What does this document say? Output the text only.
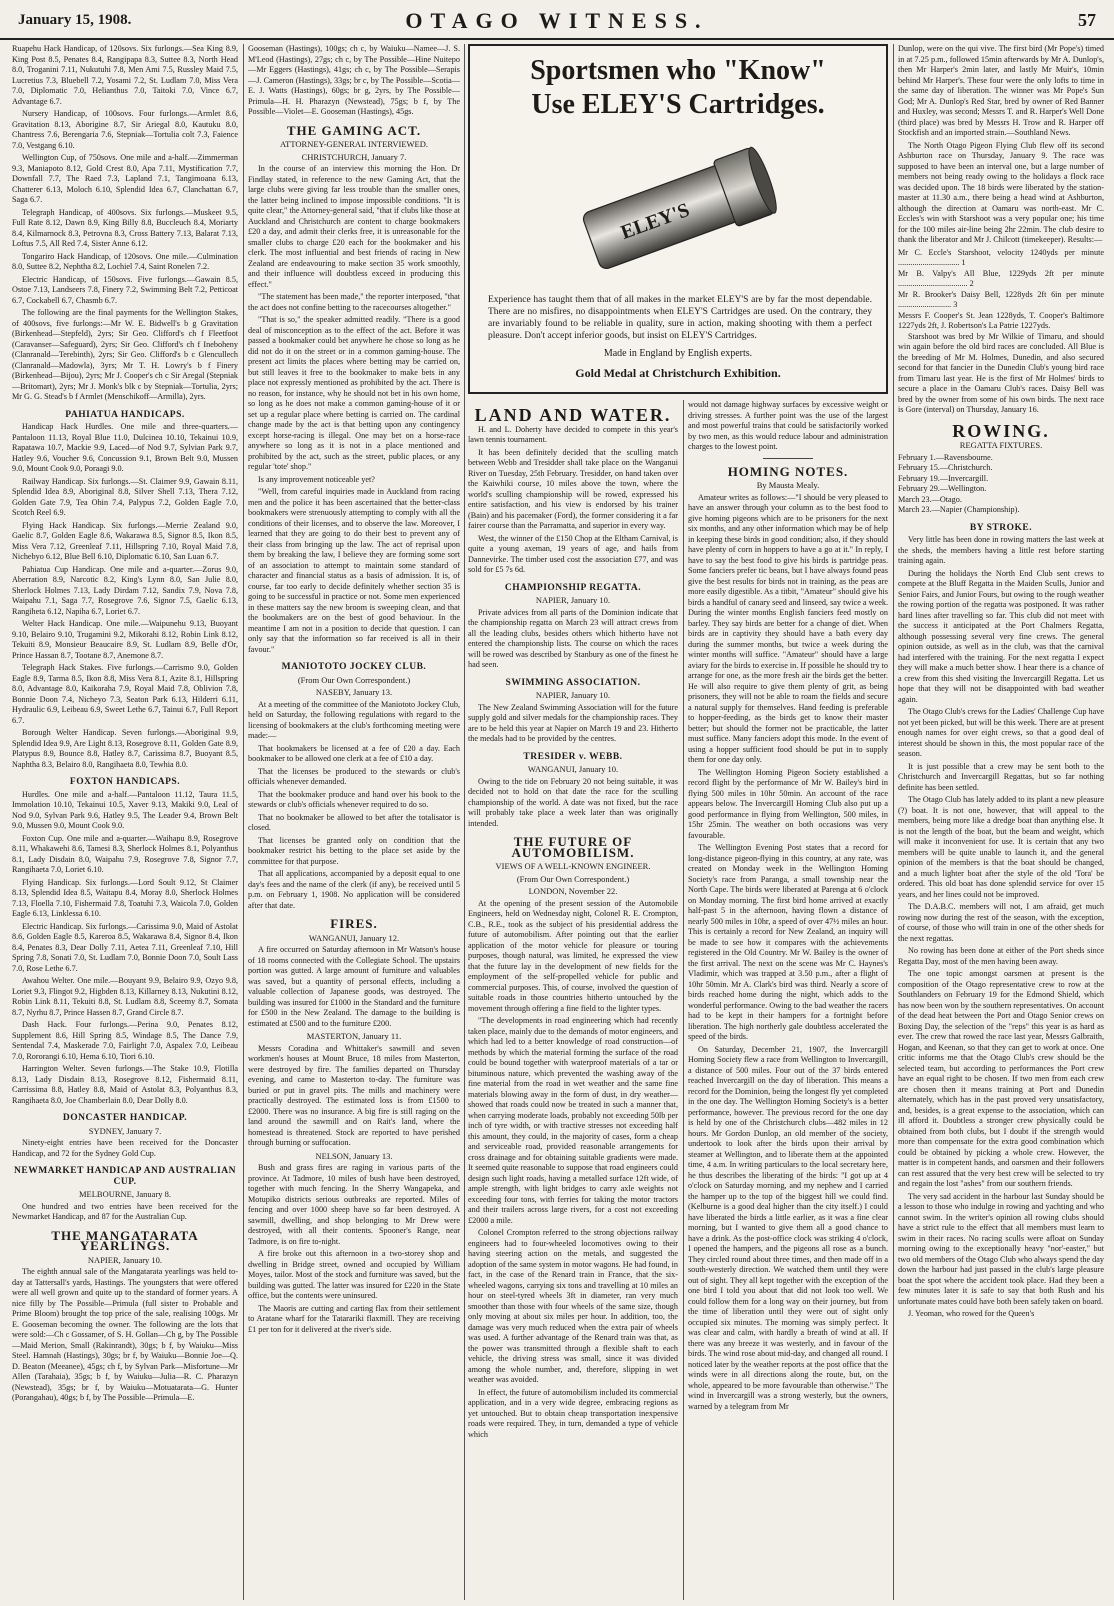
January 15, 1908.	OTAGO WITNESS.	57

Ruapehu Hack Handicap, of 120sovs. Six furlongs.—Sea King 8.9, King Post 8.5, Penates 8.4, Rangipapa 8.3, Suttee 8.3, North Head 8.0, Troganini 7.11, Nukutuhi 7.8, Men Ami 7.5, Russley Maid 7.5, Lucretius 7.3, Bluebell 7.2, Yosami 7.2, St. Ludlam 7.0, Miss Vera 7.0, Diplomatic 7.0, Helianthus 7.0, Taitoki 7.0, Vince 6.7, Advantage 6.7.

Nursery Handicap, of 100sovs. Four furlongs.—Armlet 8.6, Gravitation 8.13, Aborigine 8.7, Sir Ariegal 8.0, Kautuku 8.0, Chantress 7.6, Berengaria 7.6, Stepniak—Tortulia colt 7.3, Faience 7.0, Vestgang 6.10.

Wellington Cup, of 750sovs. One mile and a-half.—Zimmerman 9.3, Maniapoto 8.12, Gold Crest 8.0, Apa 7.11, Mystification 7.7, Downfall 7.7, The Raed 7.3, Lapland 7.1, Tangimoana 6.13, Chatterer 6.13, Moloch 6.10, Splendid Idea 6.7, Clanchattan 6.7, Saga 6.7.

Telegraph Handicap, of 400sovs. Six furlongs.—Muskeet 9.5, Full Rate 8.12, Dawn 8.9, King Billy 8.8, Buccleuch 8.4, Moriarty 8.4, Kilmarnock 8.3, Petrovna 8.3, Cross Battery 7.13, Balarat 7.13, Loftus 7.5, All Red 7.4, Sister Anne 6.12.

Tongariro Hack Handicap, of 120sovs. One mile.—Culmination 8.0, Suttee 8.2, Nephtha 8.2, Lochiel 7.4, Saint Ronelen 7.2.

Electric Handicap, of 150sovs. Five furlongs.—Gawain 8.5, Ostoe 7.13, Landseers 7.8, Finery 7.2, Swimming Belt 7.2, Petticoat 6.7, Cockabell 6.7, Chasmb 6.7.

The following are the final payments for the Wellington Stakes, of 400sovs, five furlongs:—Mr W. E. Bidwell's b g Gravitation (Birkenhead—Stepfeld), 2yrs; Sir Geo. Clifford's ch f Fleetfoot (Caravanser—Safeguard), 2yrs; Sir Geo. Clifford's ch f Ineboheny (Clanranald—Terebinth), 2yrs; Sir Geo. Clifford's b c Glencullech (Clanranald—Madowla), 3yrs; Mr T. H. Lowry's b f Finery (Birkenhead—Bijou), 2yrs; Mr J. Cooper's ch c Sir Aregal (Stepniak—Britomart), 2yrs; Mr J. Monk's blk c by Stepniak—Tortulia, 2yrs; Mr G. G. Stead's b f Armlet (Menschikoff—Armilla), 2yrs.

PAHIATUA HANDICAPS.

Handicap Hack Hurdles. One mile and three-quarters.—Pantaloon 11.13, Royal Blue 11.0, Dulcinea 10.10, Tekainui 10.9, Rapatawa 10.7, Mackie 9.9, Laced—of Nod 9.7, Sylvian Park 9.7, Hatley 9.6, Voucher 9.6, Concussion 9.1, Brown Belt 9.0, Mussen 9.0, Mount Cook 9.0, Poraagi 9.0.

Railway Handicap. Six furlongs.—St. Claimer 9.9, Gawain 8.11, Splendid Idea 8.9, Aboriginal 8.8, Silver Shell 7.13, Thera 7.12, Golden Gate 7.9, Tea Ohin 7.4, Palypus 7.2, Golden Eagle 7.0, Scotch Reel 6.9.

Flying Hack Handicap. Six furlongs.—Merrie Zealand 9.0, Gaelic 8.7, Golden Eagle 8.6, Wakarawa 8.5, Signor 8.5, Ikon 8.5, Miss Vera 7.12, Greenleaf 7.11, Hillspring 7.10, Royal Maid 7.8, Nichebyo 6.12, Blue Bell 6.10, Diplomatic 6.10, San Luan 6.7.

Pahiatua Cup Handicap. One mile and a-quarter.—Zorus 9.0, Aberration 8.9, Narcotic 8.2, King's Lynn 8.0, San Julie 8.0, Sherlock Holmes 7.13, Lady Dirdam 7.12, Sandix 7.9, Nova 7.8, Waipahu 7.1, Saga 7.7, Rosegrove 7.6, Signor 7.5, Gaelic 6.13, Rangiheta 6.12, Napiha 6.7, Loriet 6.7.

Welter Hack Handicap. One mile.—Waipunehu 9.13, Buoyant 9.10, Belairo 9.10, Trugamini 9.2, Mikorahi 8.12, Robin Link 8.12, Tekuiti 8.9, Monsieur Beaucaire 8.9, St. Ludlam 8.9, Belle d'Or, Prince Hassan 8.7, Tootane 8.7, Anemone 8.7.

Telegraph Hack Stakes. Five furlongs.—Carrismo 9.0, Golden Eagle 8.9, Tarma 8.5, Ikon 8.8, Miss Vera 8.1, Azite 8.1, Hillspring 8.0, Advantage 8.0, Kaikoraha 7.9, Royal Maid 7.8, Oblivion 7.8, Bonnie Doon 7.4, Nicheyo 7.3, Seaton Park 6.13, Hilderri 6.11, Hydraulic 6.9, Leibeau 6.9, Sweet Lethe 6.7, Tainui 6.7, Full Report 6.7.

Borough Welter Handicap. Seven furlongs.—Aboriginal 9.9, Splendid Idea 9.9, Are Light 8.13, Rosegrove 8.11, Golden Gate 8.9, Platypus 8.9, Bounce 8.8, Hatley 8.7, Carissima 8.7, Buoyant 8.5, Naphtha 8.3, Belairo 8.0, Rangihaeta 8.0, Tewhia 8.0.

FOXTON HANDICAPS.

Hurdles. One mile and a-half.—Pantaloon 11.12, Taura 11.5, Immolation 10.10, Tekainui 10.5, Xaver 9.13, Makiki 9.0, Leal of Nod 9.0, Sylvan Park 9.6, Hatley 9.5, The Leader 9.4, Brown Belt 9.0, Mussen 9.0, Mount Cook 9.0.

Foxton Cup. One mile and a-quarter.—Waihapu 8.9, Rosegrove 8.11, Whakawehi 8.6, Tamesi 8.3, Sherlock Holmes 8.1, Polyanthus 8.1, Lady Disdain 8.0, Waipahu 7.9, Rosegrove 7.8, Signor 7.7, Rangihaeta 7.0, Loriet 6.10.

Flying Handicap. Six furlongs.—Lord Soult 9.12, St Claimer 8.13, Splendid Idea 8.5, Waitapu 8.4, Moray 8.0, Sherlock Holmes 7.13, Floella 7.10, Fishermaid 7.8, Toatuhi 7.3, Waicola 7.0, Golden Eagle 6.13, Linklessa 6.10.

Electric Handicap. Six furlongs.—Carissima 9.0, Maid of Astolat 8.6, Golden Eagle 8.5, Kareroa 8.5, Wakarawa 8.4, Signor 8.4, Ikon 8.4, Penates 8.3, Dear Dolly 7.11, Aetea 7.11, Greenleaf 7.10, Hill Spring 7.8, Sonati 7.0, St. Ludlam 7.0, Bonnie Doon 7.0, Soult Lass 7.0, Rose Lethe 6.7.

Awahou Welter. One mile.—Bouyant 9.9, Belairo 9.9, Ozyo 9.8, Loriet 9.3, Flingot 9.2, Higbden 8.13, Killarney 8.13, Nukutini 8.12, Robin Link 8.11, Tekuiti 8.8, St. Ludlam 8.8, Sceemy 8.7, Somata 8.7, Nyrhu 8.7, Prince Hassen 8.7, Grand Circle 8.7.

Dash Hack. Four furlongs.—Perina 9.0, Penates 8.12, Supplement 8.6, Hill Spring 8.5, Windage 8.5, The Dance 7.9, Sentendal 7.4, Maskerade 7.0, Fairlight 7.0, Aspalex 7.0, Leibeau 7.0, Rororangi 6.10, Hema 6.10, Tiori 6.10.

Harrington Welter. Seven furlongs.—The Stake 10.9, Flotilla 8.13, Lady Disdain 8.13, Rosegrove 8.12, Fishermaid 8.11, Carrissima 8.8, Hatley 8.8, Maid of Astolat 8.3, Polyanthus 8.3, Rangihaeta 8.0, Joe Chamberlain 8.0, Dear Dolly 8.0.

DONCASTER HANDICAP.
SYDNEY, January 7.

Ninety-eight entries have been received for the Doncaster Handicap, and 72 for the Sydney Gold Cup.

NEWMARKET HANDICAP AND AUSTRALIAN CUP.
MELBOURNE, January 8.

One hundred and two entries have been received for the Newmarket Handicap, and 87 for the Australian Cup.

THE MANGATARATA YEARLINGS.
NAPIER, January 10.

The eighth annual sale of the Mangatarata yearlings was held to-day at Tattersall's yards, Hastings. The youngsters that were offered were all well grown and quite up to the standard of former years. A nice filly by The Possible—Primula (full sister to Probable and Prime Bloom) brought the top price of the sale, realising 100gs. Mr E. Gooseman becoming the owner. The following are the lots that were sold:—Ch c Gossamer, of S. H. Gollan—Ch g, by The Possible—Maid Merion, Small (Rakinrandt), 30gs; b f, by Waiuku—Miss Steel. Hamnah (Hastings), 30gs; br f, by Waiuku—Bonnie Joe—Q. D. Beaton (Meeanee), 45gs; ch f, by Sylvan Park—Misfortune—Mr Allen (Tarahaia), 35gs; b f, by Waiuku—Julia—R. C. Pharazyn (Newstead), 35gs; br f, by Waiuku—Motuatarata—G. Hunter (Porangahau), 40gs; b f, by The Possible—Primula—E.

Gooseman (Hastings), 100gs; ch c, by Waiuku—Namee—J. S. M'Leod (Hastings), 27gs; ch c, by The Possible—Hine Nuitepo—Mr Eggers (Hastings), 41gs; ch c, by The Possible—Serapis—J. Cameron (Hastings), 33gs; br c, by The Possible—Scotia—E. J. Watts (Hastings), 60gs; br g, 2yrs, by The Possible—Primula—H. H. Pharazyn (Newstead), 75gs; b f, by The Possible—Violet—E. Gooseman (Hastings), 45gs.

THE GAMING ACT.
ATTORNEY-GENERAL INTERVIEWED.
CHRISTCHURCH, January 7.

In the course of an interview this morning the Hon. Dr Findlay stated, in reference to the new Gaming Act, that the large clubs were giving far less trouble than the smaller ones, the latter being inclined to impose impossible conditions. "It is quite clear," the Attorney-general said, "that if clubs like those at Auckland and Christchurch are content to charge bookmakers £20 a day, and admit their clerks free, it is unreasonable for the smaller clubs to charge £20 each for the bookmaker and his clerk. The most influential and best friends of racing in New Zealand are endeavouring to make section 35 work smoothly, and their influence will doubtless exceed in producing this effect."

"The statement has been made," the reporter interposed, "that the act does not confine betting to the racecourses altogether."

"That is so," the speaker admitted readily. "There is a good deal of misconception as to the effect of the act. Before it was passed a bookmaker could bet anywhere he chose so long as he did not do it on the street or in a common gaming-house. The present act limits the places where betting may be carried on, but still leaves it free to the bookmaker to make bets in any place not expressly mentioned as prohibited by the act. There is no reason, for instance, why he should not bet in his own home, so long as he does not make a common gaming-house of it or set up a regular place where betting is carried on. The cardinal change made by the act is that betting upon any contingency except horse-racing is illegal. One may bet on a horse-race anywhere so long as it is not in a place mentioned and prohibited by the act, such as the street, public places, or any regular 'tote' shop."

Is any improvement noticeable yet?

"Well, from careful inquiries made in Auckland from racing men and the police it has been ascertained that the better-class bookmakers were strenuously attempting to comply with all the conditions of their licenses, and to observe the law. Moreover, I learned that they are going to do their best to prevent any of their class from bringing up the law. The act of reprisal upon them by breaking the law, I believe they are forming some sort of an association to attempt to maintain some standard of character and financial status as a basis of admission. It is, of course, far too early to decide definitely whether section 35 is going to be successful in practice or not. Some men experienced in these matters say the new broom is sweeping clean, and that the bookmakers are on the best of good behaviour. In the meantime I am not in a position to decide that question. I can only say that the information so far received is all in their favour."

MANIOTOTO JOCKEY CLUB.
(From Our Own Correspondent.)
NASEBY, January 13.

At a meeting of the committee of the Maniototo Jockey Club, held on Saturday, the following regulations with regard to the licensing of bookmakers at the club's forthcoming meeting were made:—

That bookmakers be licensed at a fee of £20 a day. Each bookmaker to be allowed one clerk at a fee of £10 a day.

That the licenses be produced to the stewards or club's officials whenever demanded.

That the bookmaker produce and hand over his book to the stewards or club's officials whenever required to do so.

That no bookmaker be allowed to bet after the totalisator is closed.

That licenses be granted only on condition that the bookmaker restrict his betting to the place set aside by the committee for that purpose.

That all applications, accompanied by a deposit equal to one day's fees and the name of the clerk (if any), be received until 5 p.m. on February 1, 1908. No application will be considered after that date.

FIRES.
WANGANUI, January 12.

A fire occurred on Saturday afternoon in Mr Watson's house of 18 rooms connected with the Collegiate School. The upstairs portion was gutted. A large amount of furniture and valuables was saved, but a quantity of personal effects, including a valuable collection of Japanese goods, was destroyed. The building was insured for £1000 in the Standard and the furniture for £500 in the New Zealand. The damage to the building is estimated at £500 and to the furniture £200.

MASTERTON, January 11.

Messrs Coradina and Whittaker's sawmill and seven workmen's houses at Mount Bruce, 18 miles from Masterton, were destroyed by fire. The families departed on Thursday evening, and came to Masterton to-day. The furniture was buried or put in gravel pits. The mills and machinery were practically destroyed. The estimated loss is from £1500 to £2000. There was no insurance. A big fire is still raging on the land around the sawmill and on Rait's land, where the homestead is threatened. Stock are reported to have perished through burning or suffocation.

NELSON, January 13.

Bush and grass fires are raging in various parts of the province. At Tadmore, 10 miles of bush have been destroyed, together with much fencing. In the Sherry Wangapeka, and Motupiko districts serious outbreaks are reported. Miles of fencing and over 1000 sheep have so far been destroyed. A sawmill, dwelling, and shop belonging to Mr Drew were destroyed, with all their contents. Spooner's Range, near Tadmore, is on fire to-night.

A fire broke out this afternoon in a two-storey shop and dwelling in Bridge street, owned and occupied by William Moyes, tailor. Most of the stock and furniture was saved, but the building was gutted. The latter was insured for £220 in the State office, but the contents were uninsured.

The Maoris are cutting and carting flax from their settlement to Aratane wharf for the Tatarariki flaxmill. They are receiving £1 per ton for it delivered at the river's side.

Sportsmen who "Know"
Use ELEY'S Cartridges.
ELEY'S

Experience has taught them that of all makes in the market ELEY'S are by far the most dependable. There are no misfires, no disappointments when ELEY'S Cartridges are used. On the contrary, they are invariably found to be reliable in quality, sure in action, making shooting with them a perfect pleasure. Don't accept inferior goods, but insist on ELEY'S Cartridges.

Made in England by English experts.
Gold Medal at Christchurch Exhibition.
LAND AND WATER.

H. and L. Doherty have decided to compete in this year's lawn tennis tournament.

It has been definitely decided that the sculling match between Webb and Tresidder shall take place on the Wanganui River on Tuesday, 25th February. Tresidder, on hand taken over the Kaiwhiki course, 10 miles above the town, where the world's sculling championship will be rowed, expressed his entire satisfaction, and his view is endorsed by his trainer (Bain) and his pacemaker (Ford), the former considering it a far fairer course than the Parramatta, and superior in every way.

West, the winner of the £150 Chop at the Eltham Carnival, is quite a young axeman, 19 years of age, and hails from Dannevirke. The timber used cost the association £77, and was sold for £5 7s 6d.

CHAMPIONSHIP REGATTA.
NAPIER, January 10.

Private advices from all parts of the Dominion indicate that the championship regatta on March 23 will attract crews from all the leading clubs, besides others which hitherto have not entered the championship lists. The course on which the races will be rowed was described by Stanbury as one of the finest he had seen.

SWIMMING ASSOCIATION.
NAPIER, January 10.

The New Zealand Swimming Association will for the future supply gold and silver medals for the championship races. They are to be held this year at Napier on March 19 and 23. Hitherto the medals had to be provided by the centres.

TRESIDER v. WEBB.
WANGANUI, January 10.

Owing to the tide on February 20 not being suitable, it was decided not to hold on that date the race for the sculling championship of the world. A date was not fixed, but the race will probably take place a week later than was originally intended.

THE FUTURE OF AUTOMOBILISM.
VIEWS OF A WELL-KNOWN ENGINEER.
(From Our Own Correspondent.)
LONDON, November 22.

At the opening of the present session of the Automobile Engineers, held on Wednesday night, Colonel R. E. Crompton, C.B., R.E., took as the subject of his presidential address the future of automobilism. After pointing out that the earlier application of the motor vehicle for pleasure or touring purposes, though natural, was limited, he expressed the view that the future lay in the development of new fields for the employment of the self-propelled vehicle for public and commercial purposes. This, of course, involved the question of suitable roads in those countries hitherto untouched by the movement through offering a fine field to the lighter types.

"The developments in road engineering which had recently taken place, mainly due to the demands of motor engineers, and which had led to a better knowledge of road construction—of methods by which the material forming the surface of the road could be bound together with waterproof materials of a tar or bituminous nature, which prevented the washing away of the fine material from the road in wet weather and the same fine materials blowing away in the form of dust, in dry weather—showed that roads could now be treated in such a manner that, when carrying moderate loads, probably not exceeding 50lb per inch of tyre width, or with tractive stresses not exceeding half this amount, they could, in the majority of cases, form a cheap and serviceable road, provided reasonable arrangements for cross drainage and for obtaining suitable gradients were made. It seemed quite reasonable to suppose that road engineers could design such light roads, having a metalled surface 12ft wide, of ample strength, with light bridges to carry axle weights not exceeding four tons, with ferries for taking the motor tractors and their trailers across large rivers, for a cost not exceeding £2000 a mile.

Colonel Crompton referred to the strong objections railway engineers had to four-wheeled locomotives owing to their having steering action on the metals, and suggested the adoption of the same system in motor wagons. He had found, in fact, in the case of the Renard train in France, that the six-wheeled wagons, carrying six tons and travelling at 10 miles an hour on steel-tyred wheels 3ft in diameter, ran very much smoother than those with four wheels of the same size, though only moving at about six miles per hour. In addition, too, the damage was very much reduced when the extra pair of wheels was used. A further advantage of the Renard train was that, as the power was transmitted through a flexible shaft to each vehicle, the driving stress was small, since it was divided among the whole number, and, therefore, slipping in wet weather was avoided.

In effect, the future of automobilism included its commercial application, and in a very wide degree, embracing regions as yet untouched. But to obtain cheap transportation inexpensive roads were required. They, in turn, demanded a type of vehicle which

would not damage highway surfaces by excessive weight or driving stresses. A further point was the use of the largest and most powerful trains that could be satisfactorily worked by two men, as this would reduce labour and administration charges to the lowest point.

HOMING NOTES.
By Mausta Mealy.

Amateur writes as follows:—"I should be very pleased to have an answer through your column as to the best food to give homing pigeons which are to be prisoners for the next six months, and any other information which may be of help in keeping these birds in good condition; also, if they should have plenty of corn in hoppers to have a go at it." In reply, I have to say the best food to give his birds is partridge peas. Some fanciers prefer tic beans, but I have always found peas give the best results for birds not in training, as the peas are more easily digestible. As a titbit, "Amateur" should give his birds a handful of canary seed and linseed, say twice a week. During the winter months English fanciers feed mostly on barley. They say birds are better for a change of diet. When birds are in captivity they should have a bath every day during the summer months, but twice a week during the winter months will suffice. "Amateur" should have a large aviary for the birds to exercise in. If possible he should try to arrange for one, as the more fresh air the birds get the better. He will also require to give them plenty of grit, as being prisoners, they will not be able to roam the fields and secure a natural supply for themselves. Hand feeding is preferable to hopper-feeding, as the birds get to know their master better; but should the former not be practicable, the latter must suffice. Many fanciers adopt this mode. In the event of using a hopper sufficient food should be put in to supply them for one day only.

The Wellington Homing Pigeon Society established a record flight by the performance of Mr W. Bailey's bird in flying 500 miles in 10hr 50min. An account of the race appears below. The Invercargill Homing Club also put up a good performance in flying from Wellington, 500 miles, in 15hr 25min. The weather on both occasions was very favourable.

The Wellington Evening Post states that a record for long-distance pigeon-flying in this country, at any rate, was created on Monday week in the Wellington Homing Society's race from Paranga, a small township near the North Cape. The birds were liberated at Parenga at 6 o'clock on Monday morning. The first bird home arrived at exactly half-past 5 in the afternoon, having flown a distance of nearly 500 miles in 10hr, a speed of over 47½ miles an hour. This is certainly a record for New Zealand, an inquiry will be made to see how it compares with the achievements registered in the Old Country. Mr W. Bailey is the owner of the first arrival. The next on the scene was Mr C. Haynes's Vladimir, which was trapped at 3.50 p.m., after a flight of 10hr 50min. Mr A. Clark's bird was third. Nearly a score of birds reached home during the night, which adds to the wonderful performance. Owing to the bad weather the racers had to be kept in their hampers for a fortnight before liberation. The high northerly gale doubtless accelerated the speed of the birds.

On Saturday, December 21, 1907, the Invercargill Homing Society flew a race from Wellington to Invercargill, a distance of 500 miles. Four out of the 37 birds entered reached Invercargill on the day of liberation. This means a record for the Dominion, being the longest fly yet completed in the one day. The Wellington Homing Society's is a better performance, however. The previous record for the one day is held by one of the Christchurch clubs—482 miles in 12 hours. Mr Gordon Dunlop, an old member of the society, undertook to look after the birds upon their arrival by steamer at Wellington, and to liberate them at the appointed time, 4 a.m. In writing particulars to the local secretary here, he thus describes the liberating of the birds: "I got up at 4 o'clock on Saturday morning, and my nephew and I carried the hamper up to the top of the biggest hill we could find. (Kelburne is a good deal higher than the city itself.) I could have liberated the birds a little earlier, as it was a fine clear morning, but I wanted to give them all a good chance to have a drink. As the post-office clock was striking 4 o'clock, I opened the hampers, and the pigeons all rose as a bunch. They circled round about three times, and then made off in a south-westerly direction. We watched them until they were out of sight. They all kept together with the exception of the one bird I told you about that did not look too well. We could follow them for a long way on their journey, but from the time of liberation until they were out of sight only occupied six minutes. The morning was simply perfect. It was clear and calm, with hardly a breath of wind at all. If there was any breeze it was westerly, and in favour of the birds. The wind rose about mid-day, and changed all round. I noticed later by the weather reports at the post office that the winds were in all directions along the route, but, on the whole, appeared to be more favourable than otherwise." The wind in Invercargill was a strong westerly, but the owners, warned by a telegram from Mr

Dunlop, were on the qui vive. The first bird (Mr Pope's) timed in at 7.25 p.m., followed 15min afterwards by Mr A. Dunlop's, then Mr Harper's 2min later, and lastly Mr Muir's, 10min behind Mr Harper's. These four were the only lofts to time in the same day of liberation. The winner was Mr Pope's Sun God; Mr A. Dunlop's Red Star, bred by owner of Red Banner and Huxley, was second; Messrs T. and R. Harper's Well Done (third place) was bred by Messrs H. Trow and R. Harper off Stockfish and an imported strain.—Southland News.

The North Otago Pigeon Flying Club flew off its second Ashburton race on Thursday, January 9. The race was supposed to have been an interval one, but a large number of members not being ready owing to the holidays a flock race was decided upon. The 18 birds were liberated by the station-master at 11.30 a.m., there being a head wind at Ashburton, although the direction at Oamaru was north-east. Mr C. Eccles's win with Starshoot was a very popular one; his time for the 100 miles air-line being 2hr 22min. The club desire to thank the liberator and Mr J. Chilcott (timekeeper). Results:—

Mr C. Eccle's Starshoot, velocity 1240yds per minute .............................. 1

Mr B. Valpy's All Blue, 1229yds 2ft per minute .................................. 2

Mr R. Brooker's Daisy Bell, 1228yds 2ft 6in per minute .......................... 3

Messrs F. Cooper's St. Jean 1228yds, T. Cooper's Baltimore 1227yds 2ft, J. Robertson's La Patrie 1227yds.

Starshoot was bred by Mr Wilkie of Timaru, and should win again before the old bird races are concluded. All Blue is the breeding of Mr M. Holmes, Dunedin, and also secured second for that fancier in the Dunedin Club's young bird race from Timaru last year. He is the first of Mr Holmes' birds to secure a place in the Oamaru Club's races. Daisy Bell was bred by the owner from some of his own birds. The next race is Gore (interval) on Thursday, January 16.

ROWING.
REGATTA FIXTURES.

February 1.—Ravensbourne.

February 15.—Christchurch.

February 19.—Invercargill.

February 29.—Wellington.

March 23.—Otago.

March 23.—Napier (Championship).

BY STROKE.

Very little has been done in rowing matters the last week at the sheds, the members having a little rest before starting training again.

During the holidays the North End Club sent crews to compete at the Bluff Regatta in the Maiden Sculls, Junior and Senior Fairs, and Junior Fours, but owing to the rough weather the rowing portion of the regatta was postponed. It was rather hard lines after travelling so far. This club did not meet with the success it anticipated at the Port Chalmers Regatta, although possessing several very fine crews. The general opinion outside, as well as in the club, was that the carnival had interfered with the training. For the next regatta I expect they will make a much better show. I hear there is a chance of a crew from this shed visiting the Invercargill Regatta. Let us hope that they will not be disappointed with bad weather again.

The Otago Club's crews for the Ladies' Challenge Cup have not yet been picked, but will be this week. There are at present enough names for over eight crews, so that a good deal of interest should be shown in this, the most popular race of the season.

It is just possible that a crew may be sent both to the Christchurch and Invercargill Regattas, but so far nothing definite has been settled.

The Otago Club has lately added to its plant a new pleasure (?) boat. It is not one, however, that will appeal to the members, being more like a dredge boat than anything else. It is not the length of the boat, but the beam and weight, which will make it inconvenient for use. It is certain that any two members will be quite unable to launch it, and the general opinion of the members is that the boat should be changed, and a much lighter boat after the style of the old 'Tora' be ordered. This old boat has done splendid service for over 15 years, and her lines could not be improved.

The D.A.B.C. members will not, I am afraid, get much rowing now during the rest of the season, with the exception, of course, of those who will train in one of the other sheds for the next regattas.

No rowing has been done at either of the Port sheds since Regatta Day, most of the men having been away.

The one topic amongst oarsmen at present is the composition of the Otago representative crew to row at the Southlanders on February 19 for the Edmond Shield, which has now been won by the southern representatives. On account of the dead heat between the Port and Otago Senior crews on Boxing Day, the selection of the "reps" this year is as hard as ever. The crew that rowed the race last year, Messrs Galbraith, Hogan, and Keenan, so that they can get to work at once. One critic informs me that the Otago Club's crew should be the selected team, but according to performances the Port crew have an equal right to be chosen. If two men from each crew are chosen then it means training at Port and Dunedin alternately, which has in the past proved very unsatisfactory, and, besides, is a great expense to the association, which can ill afford it. Doubtless a stronger crew physically could be obtained from both clubs, but I doubt if the strength would more than compensate for the extra good combination which could be obtained by picking a whole crew. However, the matter is in competent hands, and oarsmen and their followers can rest assured that the very best crew will be selected to try and regain the lost "ashes" from our southern friends.

The very sad accident in the harbour last Sunday should be a lesson to those who indulge in rowing and yachting and who cannot swim. In the writer's opinion all rowing clubs should have a strict rule to the effect that all members must learn to swim in their races. No racing sculls were afloat on Sunday morning owing to the exceptionally heavy "nor'-easter," but two old members of the Otago Club who always spend the day down the harbour had just passed in the club's large pleasure boat the spot where the accident took place. Had they been a few minutes later it is safe to say that both Rush and his unfortunate mates could have both been safely taken on board.

J. Yeoman, who rowed for the Queen's
